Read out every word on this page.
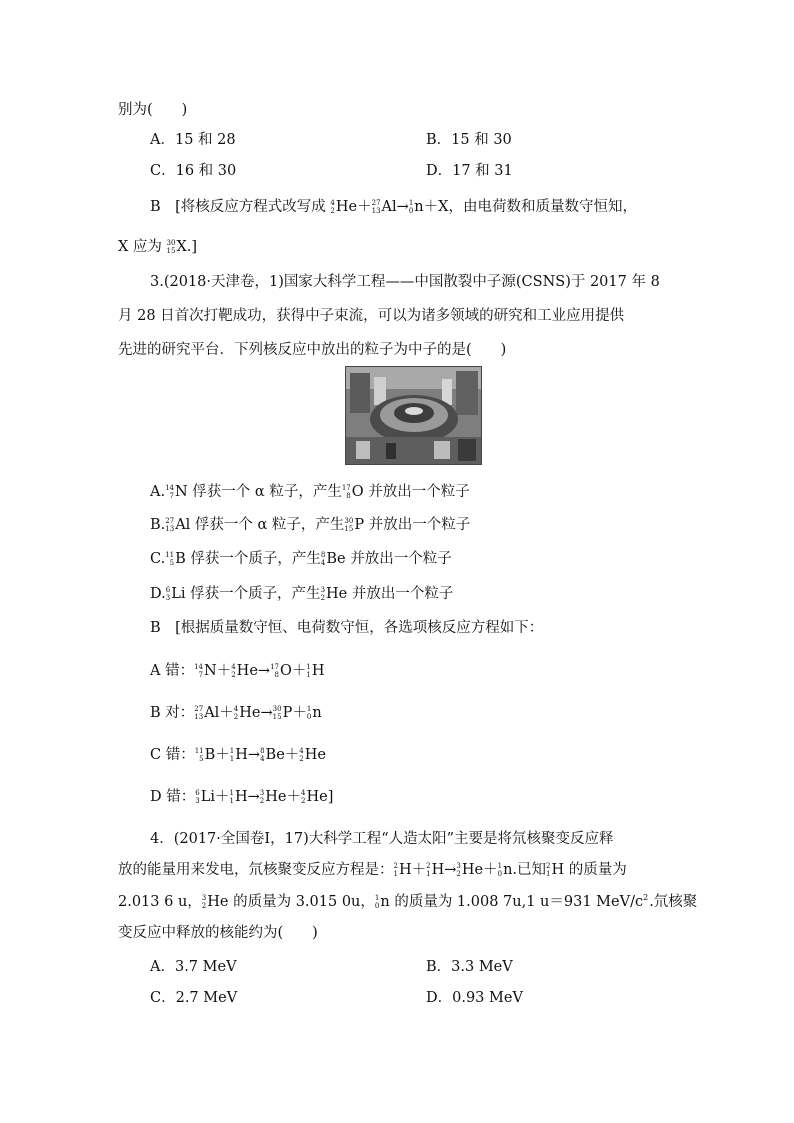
别为(　　)
A．15 和 28	B．15 和 30
C．16 和 30	D．17 和 31
B　[将核反应方程式改写成 4
2 He＋ 27
13 Al→ 1
0 n＋X，由电荷数和质量数守恒知，
X 应为 30
15 X.]
3.(2018·天津卷，1)国家大科学工程——中国散裂中子源(CSNS)于 2017 年 8
月 28 日首次打靶成功，获得中子束流，可以为诸多领域的研究和工业应用提供
先进的研究平台．下列核反应中放出的粒子为中子的是(　　)
A. 14
7 N 俘获一个 α 粒子，产生 17
8 O 并放出一个粒子
B. 27
13 Al 俘获一个 α 粒子，产生 30
15 P 并放出一个粒子
C. 11
5 B 俘获一个质子，产生 8
4 Be 并放出一个粒子
D. 6
3 Li 俘获一个质子，产生 3
2 He 并放出一个粒子
B　[根据质量数守恒、电荷数守恒，各选项核反应方程如下：
A 错： 14
7 N＋ 4
2 He→ 17
8 O＋ 1
1 H
B 对： 27
13 Al＋ 4
2 He→ 30
15 P＋ 1
0 n
C 错： 11
5 B＋ 1
1 H→ 8
4 Be＋ 4
2 He
D 错： 6
3 Li＋ 1
1 H→ 3
2 He＋ 4
2 He]
4．(2017·全国卷Ⅰ，17)大科学工程“人造太阳”主要是将氘核聚变反应释
放的能量用来发电，氘核聚变反应方程是： 2
1 H＋ 2
1 H→ 3
2 He＋ 1
0 n.已知 2
1 H 的质量为
2.013 6 u， 3
2 He 的质量为 3.015 0u， 1
0 n 的质量为 1.008 7u,1 u＝931 MeV/$c^2$.氘核聚
变反应中释放的核能约为(　　)
A．3.7 MeV	B．3.3 MeV
C．2.7 MeV	D．0.93 MeV
